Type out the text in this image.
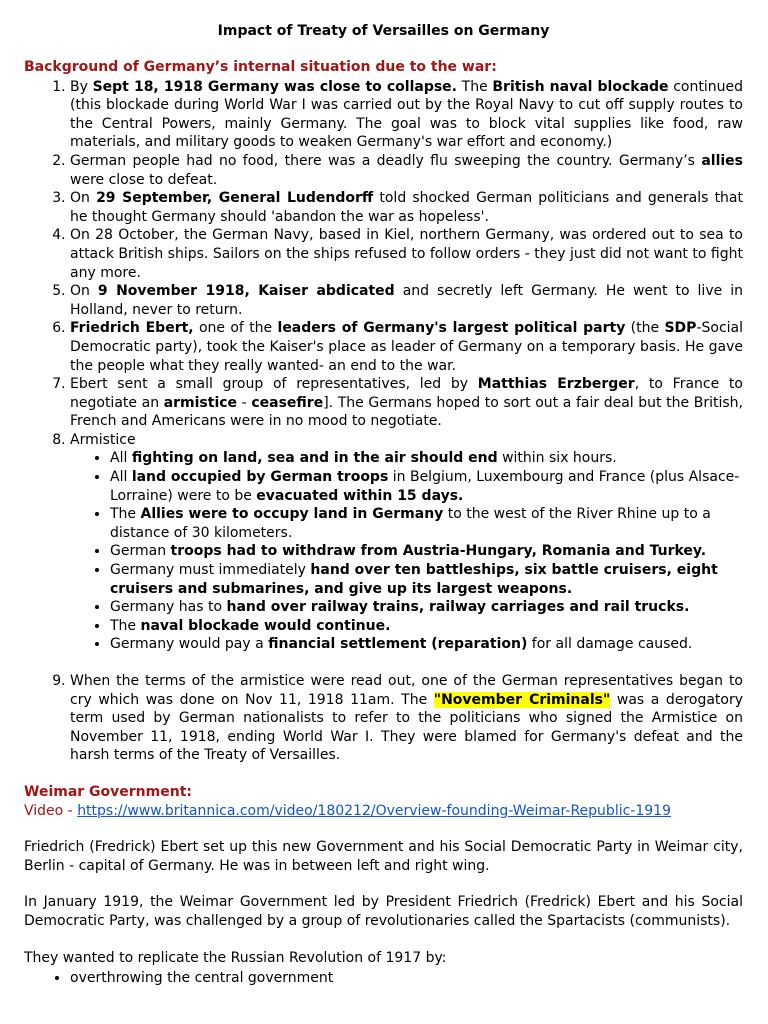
Impact of Treaty of Versailles on Germany
Background of Germany’s internal situation due to the war:
1. By Sept 18, 1918 Germany was close to collapse. The British naval blockade continued (this blockade during World War I was carried out by the Royal Navy to cut off supply routes to the Central Powers, mainly Germany. The goal was to block vital supplies like food, raw materials, and military goods to weaken Germany's war effort and economy.)
2. German people had no food, there was a deadly flu sweeping the country. Germany’s allies were close to defeat.
3. On 29 September, General Ludendorff told shocked German politicians and generals that he thought Germany should 'abandon the war as hopeless'.
4. On 28 October, the German Navy, based in Kiel, northern Germany, was ordered out to sea to attack British ships. Sailors on the ships refused to follow orders - they just did not want to fight any more.
5. On 9 November 1918, Kaiser abdicated and secretly left Germany. He went to live in Holland, never to return.
6. Friedrich Ebert, one of the leaders of Germany's largest political party (the SDP-Social Democratic party), took the Kaiser's place as leader of Germany on a temporary basis. He gave the people what they really wanted- an end to the war.
7. Ebert sent a small group of representatives, led by Matthias Erzberger, to France to negotiate an armistice - ceasefire]. The Germans hoped to sort out a fair deal but the British, French and Americans were in no mood to negotiate.
8. Armistice
• All fighting on land, sea and in the air should end within six hours.
• All land occupied by German troops in Belgium, Luxembourg and France (plus Alsace-Lorraine) were to be evacuated within 15 days.
• The Allies were to occupy land in Germany to the west of the River Rhine up to a distance of 30 kilometers.
• German troops had to withdraw from Austria-Hungary, Romania and Turkey.
• Germany must immediately hand over ten battleships, six battle cruisers, eight cruisers and submarines, and give up its largest weapons.
• Germany has to hand over railway trains, railway carriages and rail trucks.
• The naval blockade would continue.
• Germany would pay a financial settlement (reparation) for all damage caused.
9. When the terms of the armistice were read out, one of the German representatives began to cry which was done on Nov 11, 1918 11am. The "November Criminals" was a derogatory term used by German nationalists to refer to the politicians who signed the Armistice on November 11, 1918, ending World War I. They were blamed for Germany's defeat and the harsh terms of the Treaty of Versailles.
Weimar Government:

Video - https://www.britannica.com/video/180212/Overview-founding-Weimar-Republic-1919

Friedrich (Fredrick) Ebert set up this new Government and his Social Democratic Party in Weimar city, Berlin - capital of Germany. He was in between left and right wing.

In January 1919, the Weimar Government led by President Friedrich (Fredrick) Ebert and his Social Democratic Party, was challenged by a group of revolutionaries called the Spartacists (communists).

They wanted to replicate the Russian Revolution of 1917 by:

• overthrowing the central government
